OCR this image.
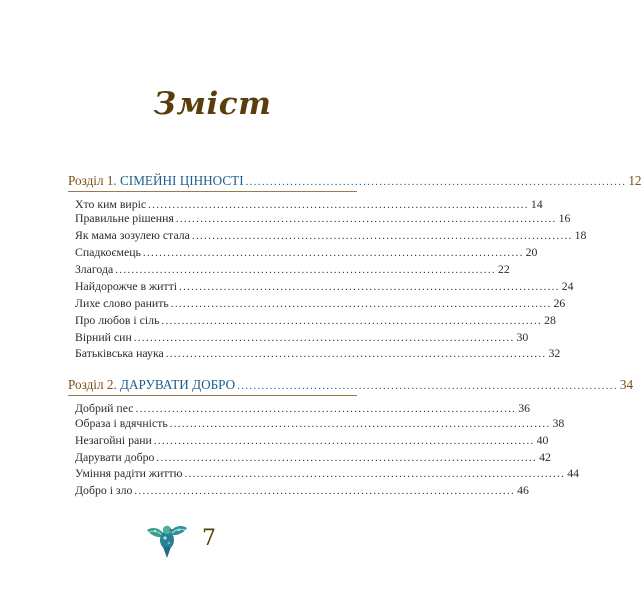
Зміст
Розділ 1. СІМЕЙНІ ЦІННОСТІ .............................................................................................. 12
Хто ким виріс .............................................................................................. 14
Правильне рішення .............................................................................................. 16
Як мама зозулею стала .............................................................................................. 18
Спадкоємець .............................................................................................. 20
Злагода .............................................................................................. 22
Найдорожче в житті .............................................................................................. 24
Лихе слово ранить .............................................................................................. 26
Про любов і сіль .............................................................................................. 28
Вірний син .............................................................................................. 30
Батьківська наука .............................................................................................. 32
Розділ 2. ДАРУВАТИ ДОБРО .............................................................................................. 34
Добрий пес .............................................................................................. 36
Образа і вдячність .............................................................................................. 38
Незагойні рани .............................................................................................. 40
Дарувати добро .............................................................................................. 42
Уміння радіти життю .............................................................................................. 44
Добро і зло .............................................................................................. 46
7
